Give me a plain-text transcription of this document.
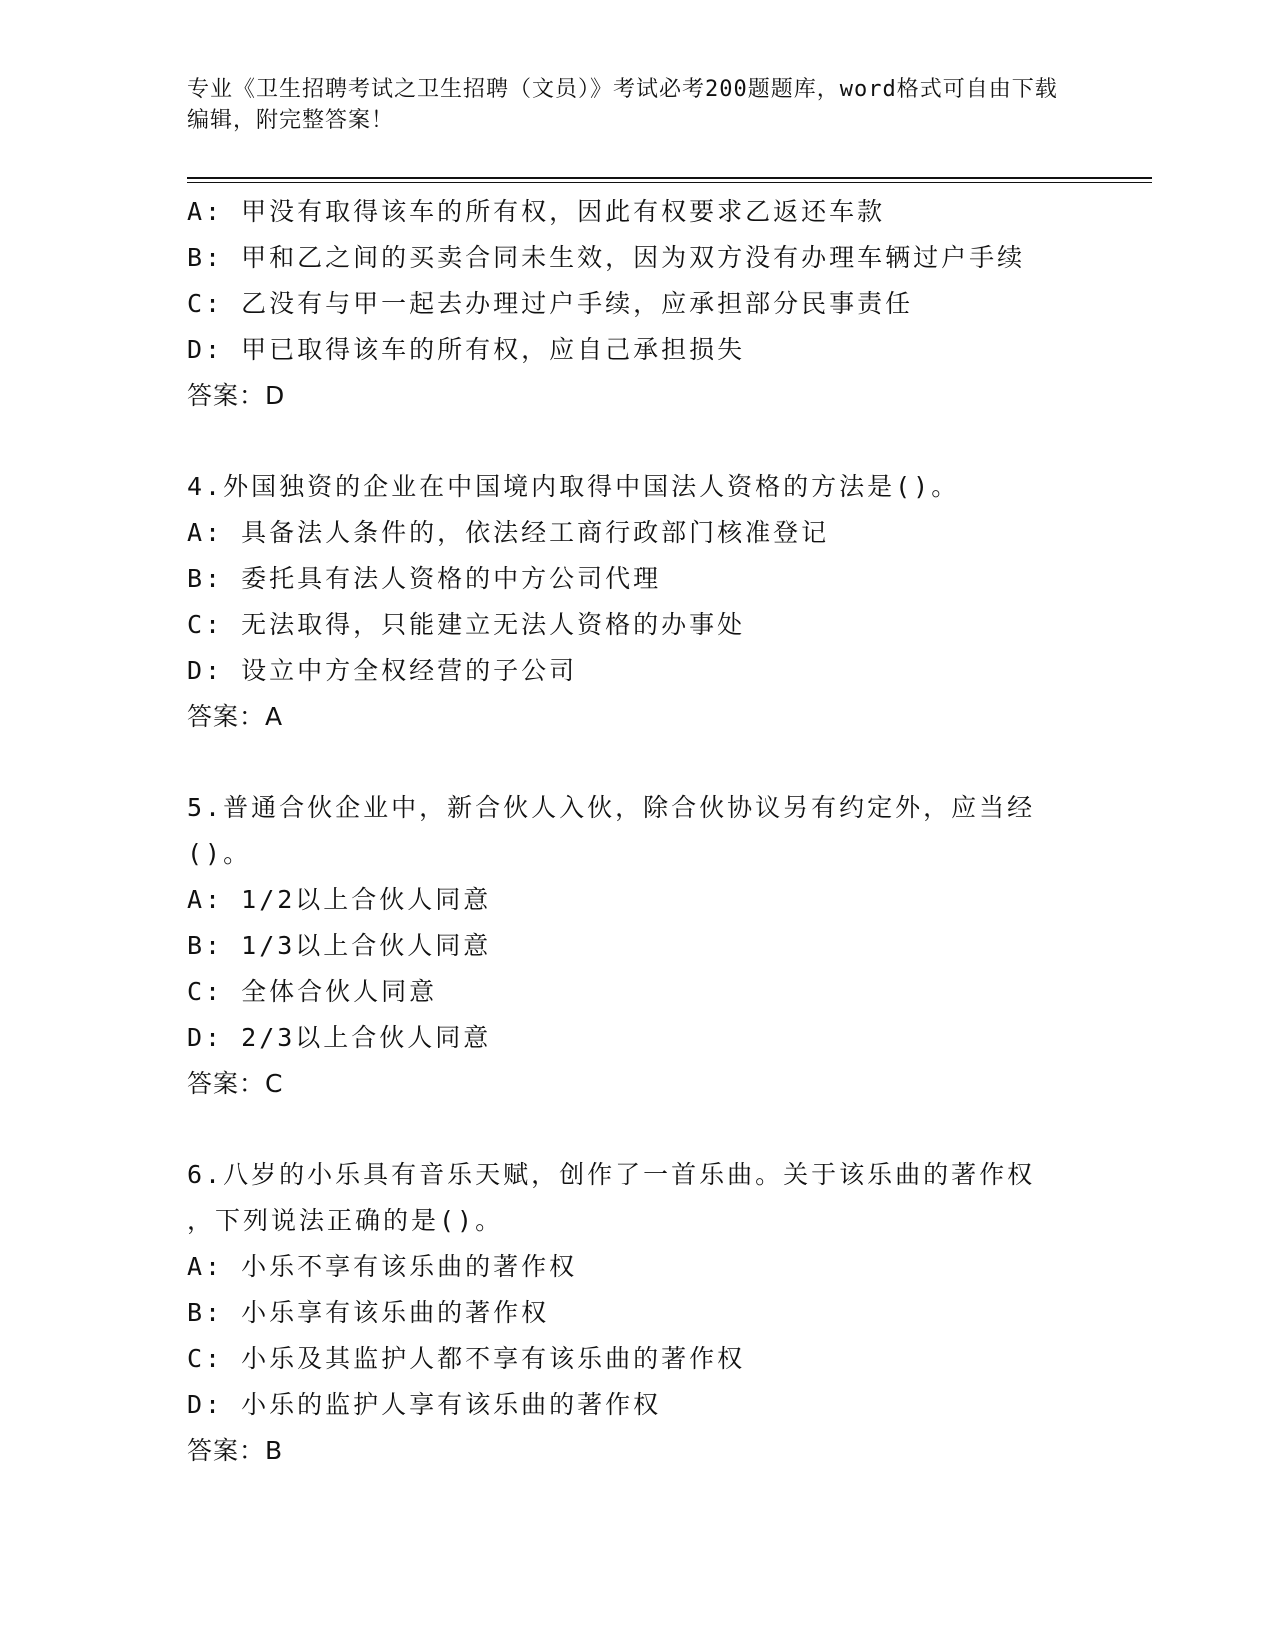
专业《卫生招聘考试之卫生招聘（文员）》考试必考200题题库，word格式可自由下载编辑，附完整答案！
A: 甲没有取得该车的所有权，因此有权要求乙返还车款
B: 甲和乙之间的买卖合同未生效，因为双方没有办理车辆过户手续
C: 乙没有与甲一起去办理过户手续，应承担部分民事责任
D: 甲已取得该车的所有权，应自己承担损失
答案：D
4.外国独资的企业在中国境内取得中国法人资格的方法是()。
A: 具备法人条件的，依法经工商行政部门核准登记
B: 委托具有法人资格的中方公司代理
C: 无法取得，只能建立无法人资格的办事处
D: 设立中方全权经营的子公司
答案：A
5.普通合伙企业中，新合伙人入伙，除合伙协议另有约定外，应当经
()。
A: 1/2以上合伙人同意
B: 1/3以上合伙人同意
C: 全体合伙人同意
D: 2/3以上合伙人同意
答案：C
6.八岁的小乐具有音乐天赋，创作了一首乐曲。关于该乐曲的著作权
，下列说法正确的是()。
A: 小乐不享有该乐曲的著作权
B: 小乐享有该乐曲的著作权
C: 小乐及其监护人都不享有该乐曲的著作权
D: 小乐的监护人享有该乐曲的著作权
答案：B
